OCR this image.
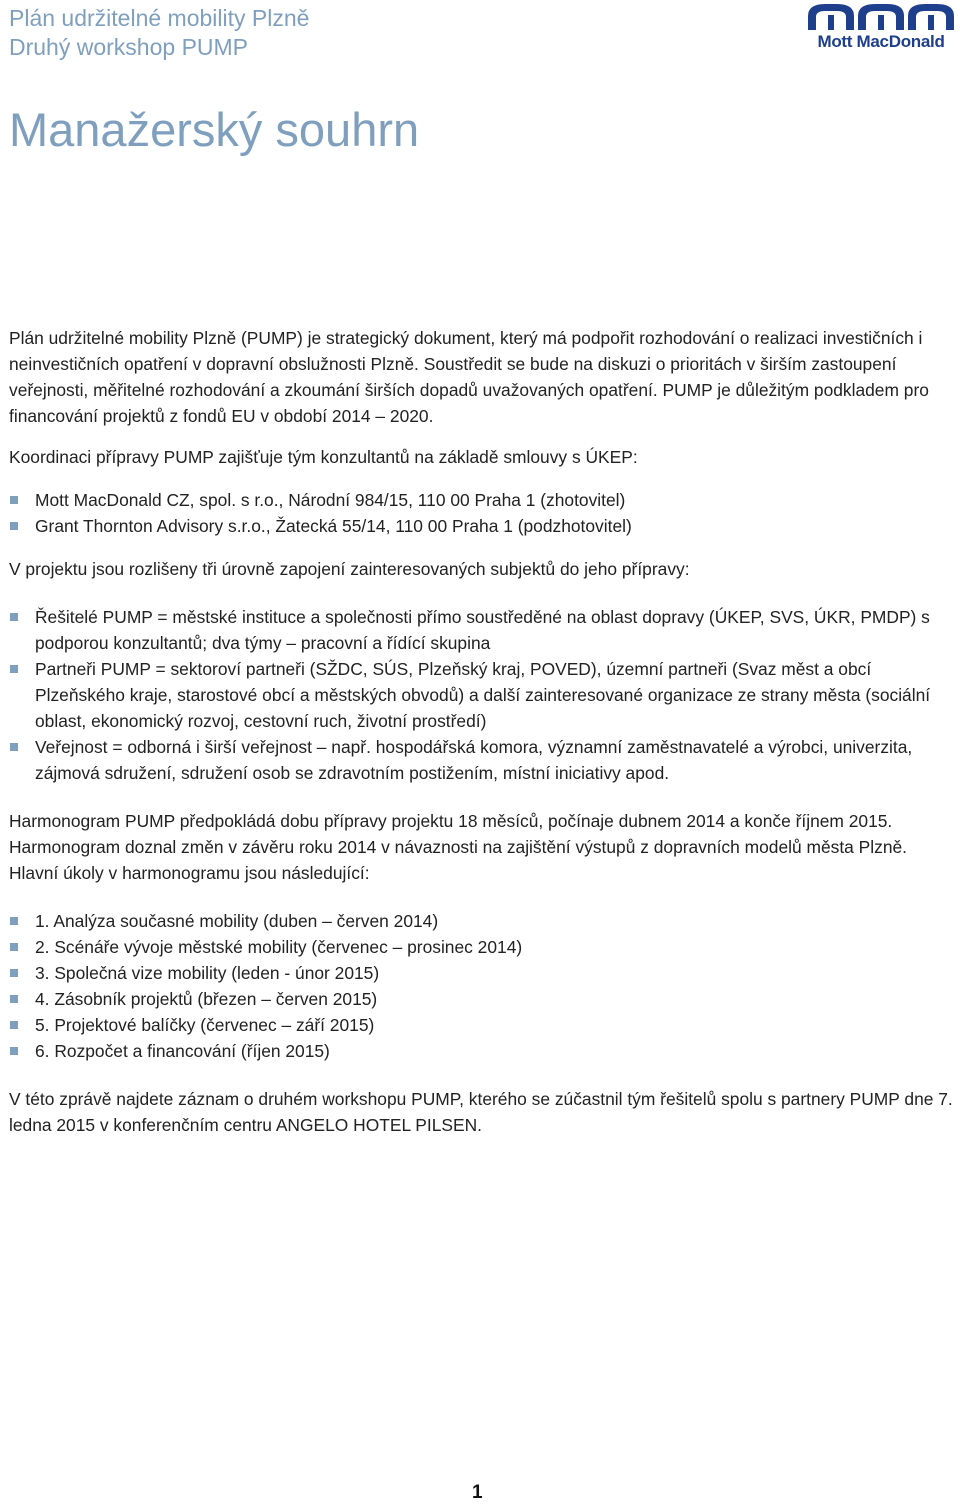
Plán udržitelné mobility Plzně
Druhý workshop PUMP	Mott MacDonald
Manažerský souhrn

Plán udržitelné mobility Plzně (PUMP) je strategický dokument, který má podpořit rozhodování o realizaci investičních i neinvestičních opatření v dopravní obslužnosti Plzně. Soustředit se bude na diskuzi o prioritách v širším zastoupení veřejnosti, měřitelné rozhodování a zkoumání širších dopadů uvažovaných opatření. PUMP je důležitým podkladem pro financování projektů z fondů EU v období 2014 – 2020.

Koordinaci přípravy PUMP zajišťuje tým konzultantů na základě smlouvy s ÚKEP:

Mott MacDonald CZ, spol. s r.o., Národní 984/15, 110 00 Praha 1 (zhotovitel)
Grant Thornton Advisory s.r.o., Žatecká 55/14, 110 00 Praha 1 (podzhotovitel)

V projektu jsou rozlišeny tři úrovně zapojení zainteresovaných subjektů do jeho přípravy:

Řešitelé PUMP = městské instituce a společnosti přímo soustředěné na oblast dopravy (ÚKEP, SVS, ÚKR, PMDP) s podporou konzultantů; dva týmy – pracovní a řídící skupina
Partneři PUMP = sektoroví partneři (SŽDC, SÚS, Plzeňský kraj, POVED), územní partneři (Svaz měst a obcí Plzeňského kraje, starostové obcí a městských obvodů) a další zainteresované organizace ze strany města (sociální oblast, ekonomický rozvoj, cestovní ruch, životní prostředí)
Veřejnost = odborná i širší veřejnost – např. hospodářská komora, významní zaměstnavatelé a výrobci, univerzita, zájmová sdružení, sdružení osob se zdravotním postižením, místní iniciativy apod.

Harmonogram PUMP předpokládá dobu přípravy projektu 18 měsíců, počínaje dubnem 2014 a konče říjnem 2015. Harmonogram doznal změn v závěru roku 2014 v návaznosti na zajištění výstupů z dopravních modelů města Plzně. Hlavní úkoly v harmonogramu jsou následující:

1. Analýza současné mobility (duben – červen 2014)
2. Scénáře vývoje městské mobility (červenec – prosinec 2014)
3. Společná vize mobility (leden - únor 2015)
4. Zásobník projektů (březen – červen 2015)
5. Projektové balíčky (červenec – září 2015)
6. Rozpočet a financování (říjen 2015)

V této zprávě najdete záznam o druhém workshopu PUMP, kterého se zúčastnil tým řešitelů spolu s partnery PUMP dne 7. ledna 2015 v konferenčním centru ANGELO HOTEL PILSEN.

1
